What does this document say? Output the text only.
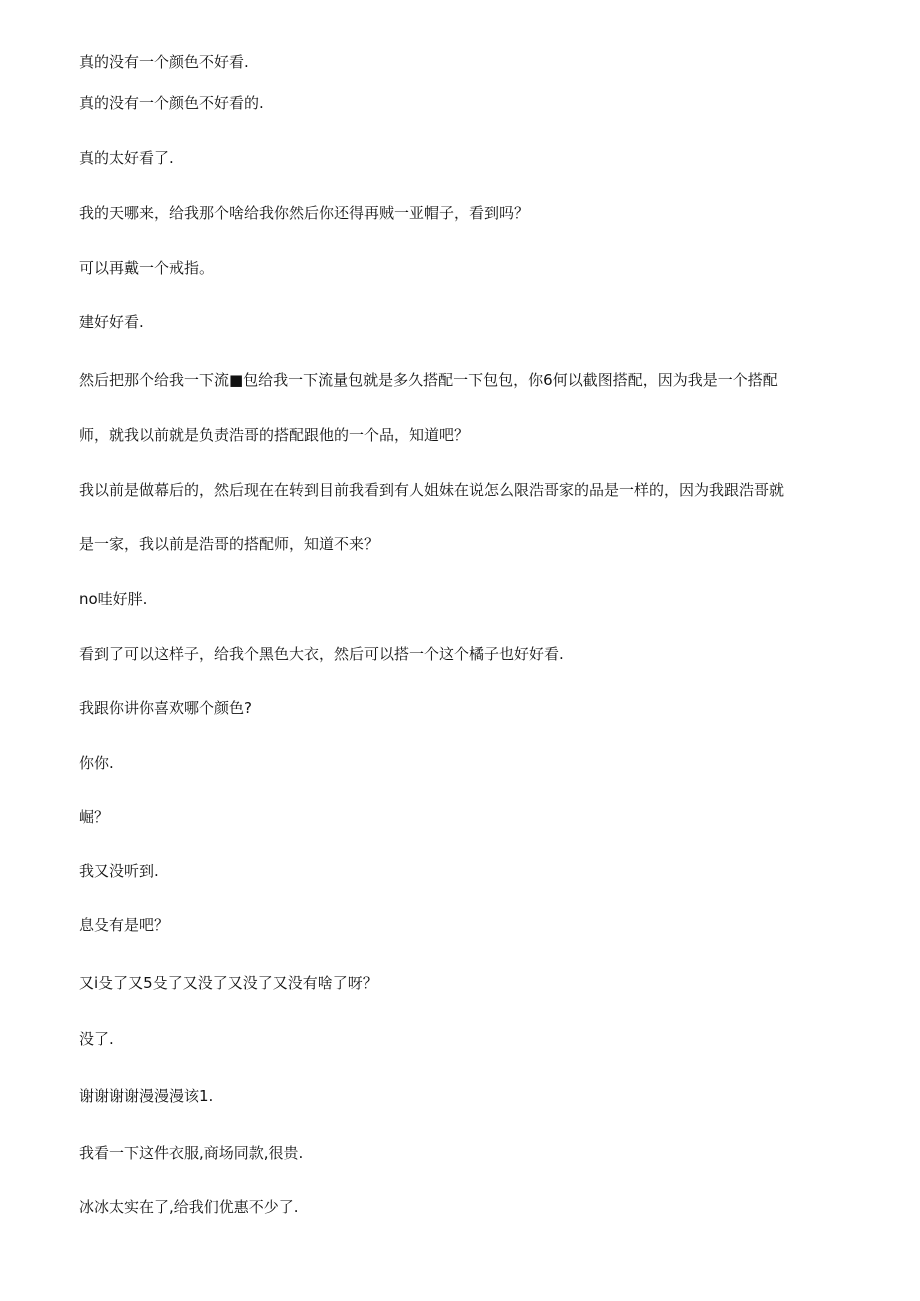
真的没有一个颜色不好看.

真的没有一个颜色不好看的.

真的太好看了.

我的天哪来，给我那个啥给我你然后你还得再贼一亚帽子，看到吗？

可以再戴一个戒指。

建好好看.

然后把那个给我一下流■包给我一下流量包就是多久搭配一下包包，你6何以截图搭配，因为我是一个搭配

师，就我以前就是负责浩哥的搭配跟他的一个品，知道吧？

我以前是做幕后的，然后现在在转到目前我看到有人姐妹在说怎么限浩哥家的品是一样的，因为我跟浩哥就

是一家，我以前是浩哥的搭配师，知道不来？

no哇好胖.

看到了可以这样子，给我个黑色大衣，然后可以搭一个这个橘子也好好看.

我跟你讲你喜欢哪个颜色?

你你.

崛？

我又没听到.

息殳有是吧？

又i殳了又5殳了又没了又没了又没有啥了呀？

没了.

谢谢谢谢漫漫漫该1.

我看一下这件衣服,商场同款,很贵.

冰冰太实在了,给我们优惠不少了.
